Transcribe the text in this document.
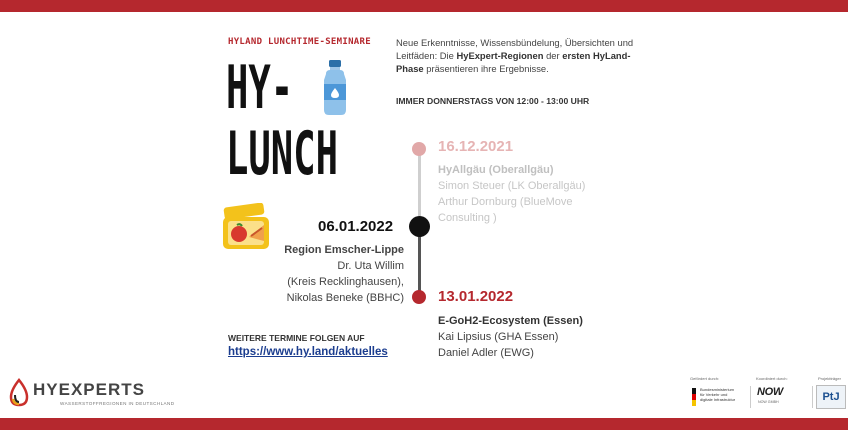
HYLAND LUNCHTIME-SEMINARE
HY-
LUNCH
Neue Erkenntnisse, Wissensbündelung, Übersichten und Leitfäden: Die HyExpert-Regionen der ersten HyLand-Phase präsentieren ihre Ergebnisse.
IMMER DONNERSTAGS VON 12:00 - 13:00 UHR
16.12.2021
HyAllgäu (Oberallgäu)
Simon Steuer (LK Oberallgäu)
Arthur Dornburg (BlueMove
Consulting )
06.01.2022
Region Emscher-Lippe
Dr. Uta Willim
(Kreis Recklinghausen),
Nikolas Beneke (BBHC) 13.01.2022
E-GoH2-Ecosystem (Essen)
Kai Lipsius (GHA Essen)
Daniel Adler (EWG)
WEITERE TERMINE FOLGEN AUF
https://www.hy.land/aktuelles
HYEXPERTS
WASSERSTOFFREGIONEN IN DEUTSCHLAND
Gefördert durch:	Koordiniert durch:	Projektträger
Bundesministerium
für Verkehr und
digitale Infrastruktur
NOW
NOW GMBH	PtJ
